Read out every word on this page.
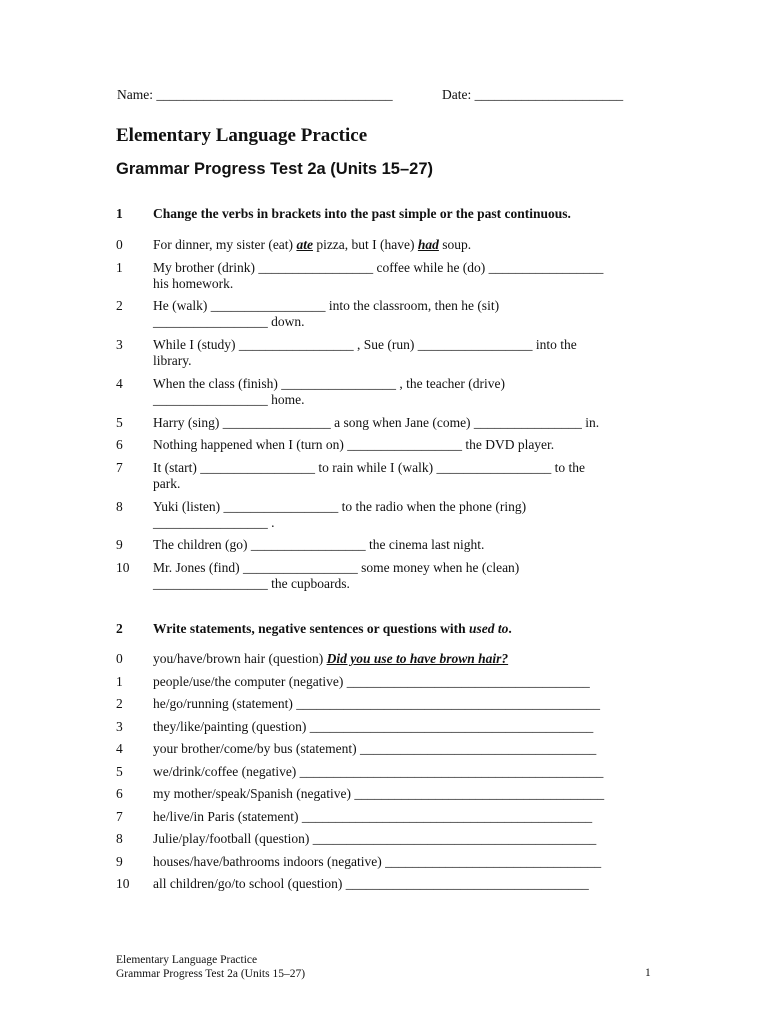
Name: ___________________________________	Date: ______________________
Elementary Language Practice
Grammar Progress Test 2a (Units 15–27)
1 Change the verbs in brackets into the past simple or the past continuous.
0 For dinner, my sister (eat) ate pizza, but I (have) had soup.
1 My brother (drink) _________________ coffee while he (do) _________________
his homework.
2 He (walk) _________________ into the classroom, then he (sit)
_________________ down.
3 While I (study) _________________ , Sue (run) _________________ into the
library.
4 When the class (finish) _________________ , the teacher (drive)
_________________ home.
5 Harry (sing) ________________ a song when Jane (come) ________________ in.
6 Nothing happened when I (turn on) _________________ the DVD player.
7 It (start) _________________ to rain while I (walk) _________________ to the
park.
8 Yuki (listen) _________________ to the radio when the phone (ring)
_________________ .
9 The children (go) _________________ the cinema last night.
10 Mr. Jones (find) _________________ some money when he (clean)
_________________ the cupboards.
2 Write statements, negative sentences or questions with used to.
0 you/have/brown hair (question) Did you use to have brown hair?
1 people/use/the computer (negative) ____________________________________
2 he/go/running (statement) _____________________________________________
3 they/like/painting (question) __________________________________________
4 your brother/come/by bus (statement) ___________________________________
5 we/drink/coffee (negative) _____________________________________________
6 my mother/speak/Spanish (negative) _____________________________________
7 he/live/in Paris (statement) ___________________________________________
8 Julie/play/football (question) __________________________________________
9 houses/have/bathrooms indoors (negative) ________________________________
10 all children/go/to school (question) ____________________________________
Elementary Language Practice
Grammar Progress Test 2a (Units 15–27)	1
